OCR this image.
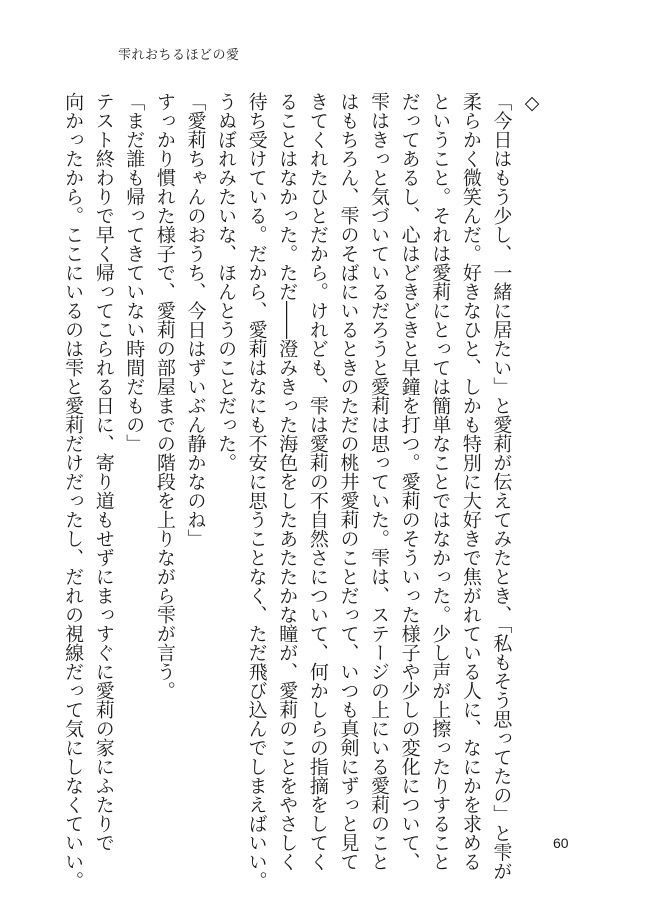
雫れおちるほどの愛

◇

「今日はもう少し、一緒に居たい」と愛莉が伝えてみたとき、「私もそう思ってたの」と雫が

柔らかく微笑んだ。好きなひと、しかも特別に大好きで焦がれている人に、なにかを求める

ということ。それは愛莉にとっては簡単なことではなかった。少し声が上擦ったりすること

だってあるし、心はどきどきと早鐘を打つ。愛莉のそういった様子や少しの変化について、

雫はきっと気づいているだろうと愛莉は思っていた。雫は、ステージの上にいる愛莉のこと

はもちろん、雫のそばにいるときのただの桃井愛莉のことだって、いつも真剣にずっと見て

きてくれたひとだから。けれども、雫は愛莉の不自然さについて、何かしらの指摘をしてく

ることはなかった。ただ――澄みきった海色をしたあたたかな瞳が、愛莉のことをやさしく

待ち受けている。だから、愛莉はなにも不安に思うことなく、ただ飛び込んでしまえばいい。

うぬぼれみたいな、ほんとうのことだった。

「愛莉ちゃんのおうち、今日はずいぶん静かなのね」

すっかり慣れた様子で、愛莉の部屋までの階段を上りながら雫が言う。

「まだ誰も帰ってきていない時間だもの」

テスト終わりで早く帰ってこられる日に、寄り道もせずにまっすぐに愛莉の家にふたりで

向かったから。ここにいるのは雫と愛莉だけだったし、だれの視線だって気にしなくていい。	60
